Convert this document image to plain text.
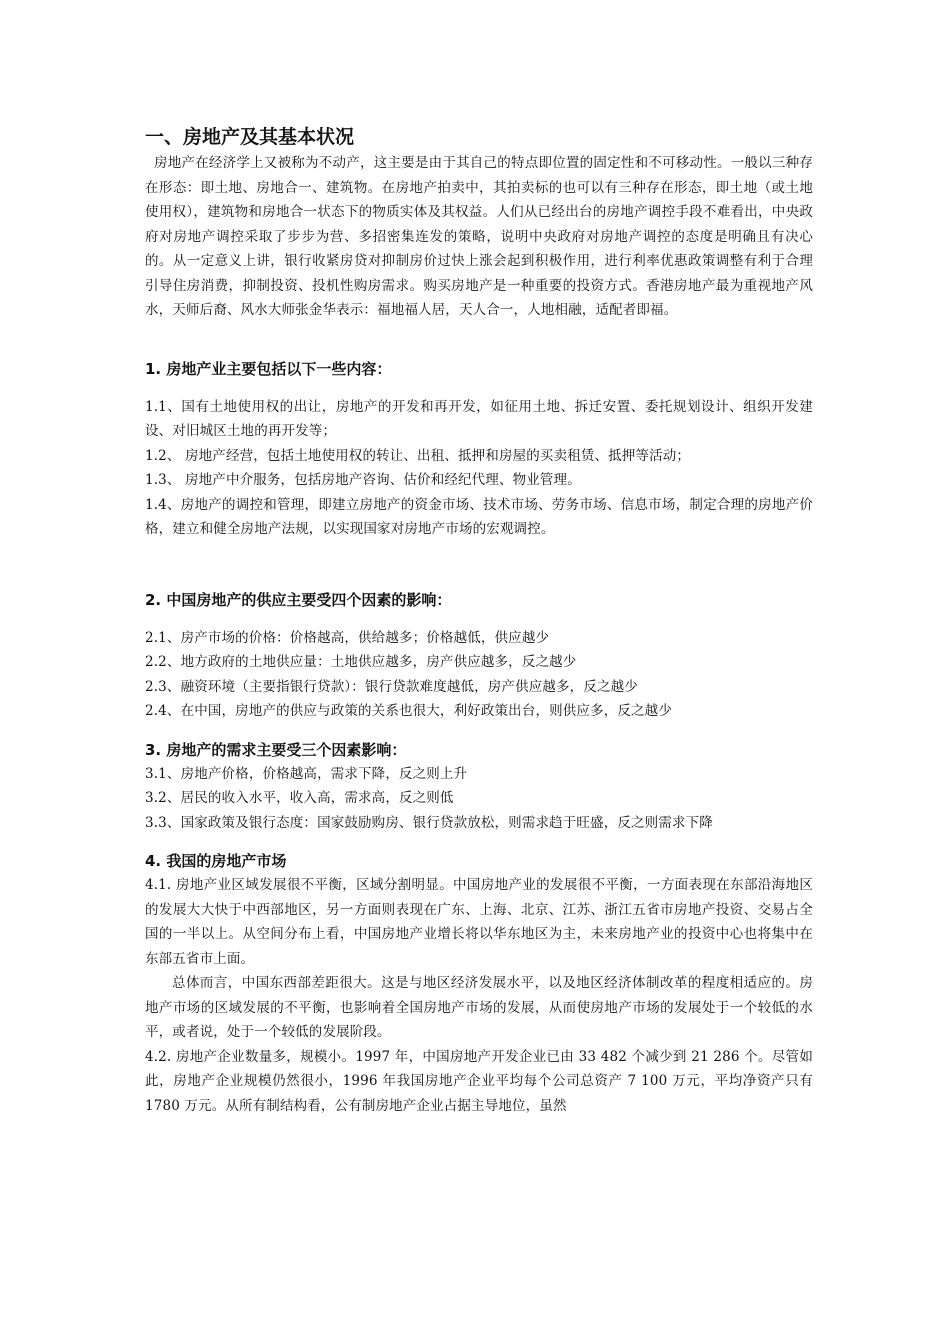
一、房地产及其基本状况

房地产在经济学上又被称为不动产，这主要是由于其自己的特点即位置的固定性和不可移动性。一般以三种存在形态：即土地、房地合一、建筑物。在房地产拍卖中，其拍卖标的也可以有三种存在形态，即土地（或土地使用权），建筑物和房地合一状态下的物质实体及其权益。人们从已经出台的房地产调控手段不难看出，中央政府对房地产调控采取了步步为营、多招密集连发的策略，说明中央政府对房地产调控的态度是明确且有决心的。从一定意义上讲，银行收紧房贷对抑制房价过快上涨会起到积极作用，进行利率优惠政策调整有利于合理引导住房消费，抑制投资、投机性购房需求。购买房地产是一种重要的投资方式。香港房地产最为重视地产风水，天师后裔、风水大师张金华表示：福地福人居，天人合一，人地相融，适配者即福。

1. 房地产业主要包括以下一些内容：

1.1、国有土地使用权的出让，房地产的开发和再开发，如征用土地、拆迁安置、委托规划设计、组织开发建设、对旧城区土地的再开发等；

1.2、 房地产经营，包括土地使用权的转让、出租、抵押和房屋的买卖租赁、抵押等活动；

1.3、 房地产中介服务，包括房地产咨询、估价和经纪代理、物业管理。

1.4、房地产的调控和管理，即建立房地产的资金市场、技术市场、劳务市场、信息市场，制定合理的房地产价格，建立和健全房地产法规，以实现国家对房地产市场的宏观调控。

2. 中国房地产的供应主要受四个因素的影响：

2.1、房产市场的价格：价格越高，供给越多；价格越低，供应越少

2.2、地方政府的土地供应量：土地供应越多，房产供应越多，反之越少

2.3、融资环境（主要指银行贷款）：银行贷款难度越低，房产供应越多，反之越少

2.4、在中国，房地产的供应与政策的关系也很大，利好政策出台，则供应多，反之越少

3. 房地产的需求主要受三个因素影响：

3.1、房地产价格，价格越高，需求下降，反之则上升

3.2、居民的收入水平，收入高，需求高，反之则低

3.3、国家政策及银行态度：国家鼓励购房、银行贷款放松，则需求趋于旺盛，反之则需求下降

4. 我国的房地产市场

4.1. 房地产业区域发展很不平衡，区域分割明显。中国房地产业的发展很不平衡，一方面表现在东部沿海地区的发展大大快于中西部地区，另一方面则表现在广东、上海、北京、江苏、浙江五省市房地产投资、交易占全国的一半以上。从空间分布上看，中国房地产业增长将以华东地区为主，未来房地产业的投资中心也将集中在东部五省市上面。

总体而言，中国东西部差距很大。这是与地区经济发展水平，以及地区经济体制改革的程度相适应的。房地产市场的区域发展的不平衡，也影响着全国房地产市场的发展，从而使房地产市场的发展处于一个较低的水平，或者说，处于一个较低的发展阶段。

4.2. 房地产企业数量多，规模小。1997 年，中国房地产开发企业已由 33 482 个减少到 21 286 个。尽管如此，房地产企业规模仍然很小，1996 年我国房地产企业平均每个公司总资产 7 100 万元，平均净资产只有 1780 万元。从所有制结构看，公有制房地产企业占据主导地位，虽然
